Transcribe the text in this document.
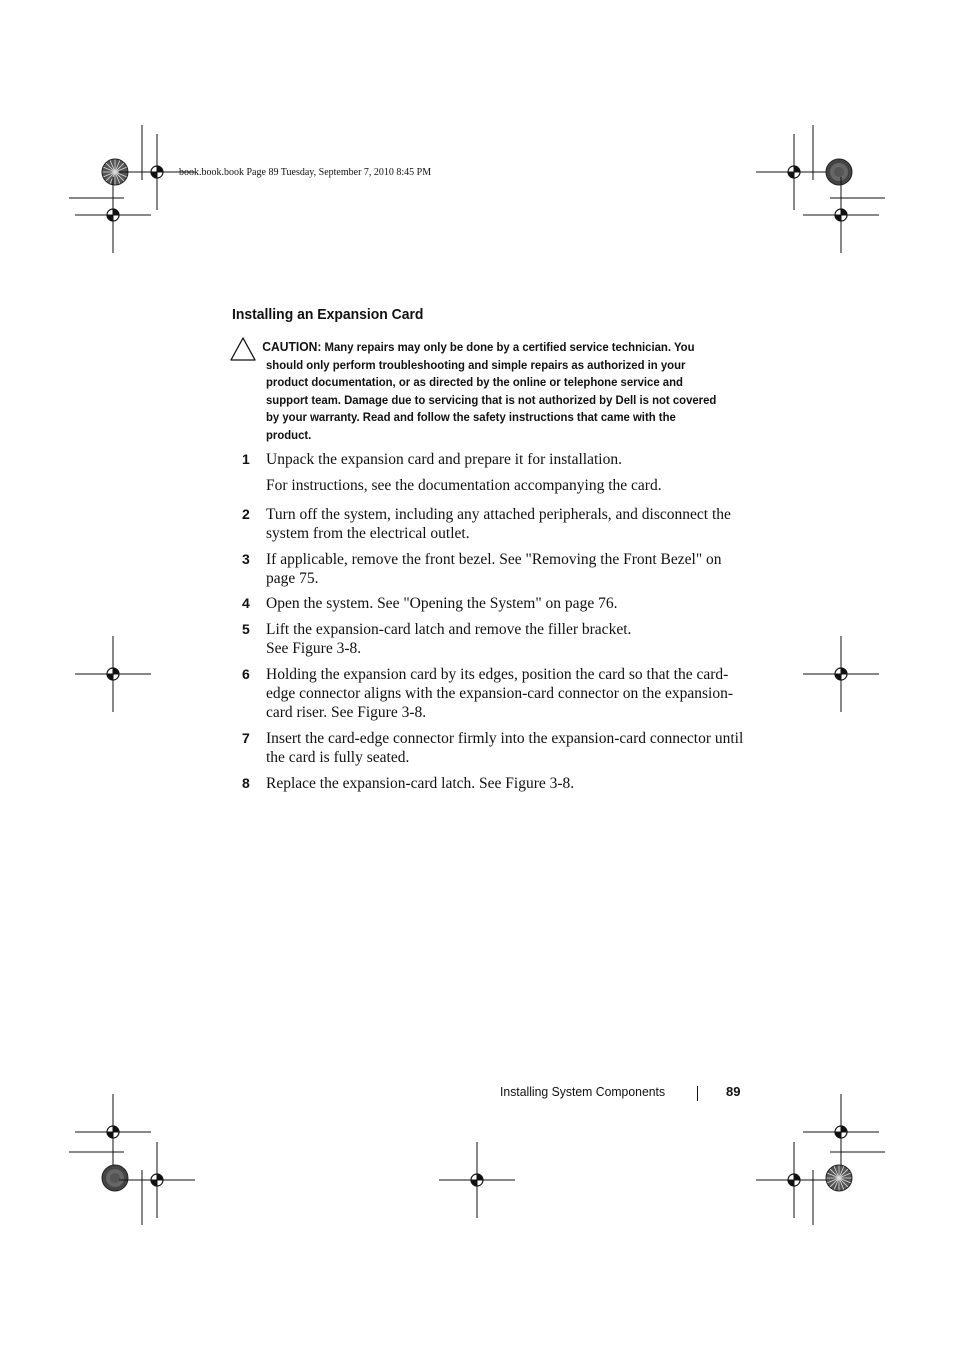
book.book.book Page 89 Tuesday, September 7, 2010 8:45 PM
Installing an Expansion Card
CAUTION: Many repairs may only be done by a certified service technician. You should only perform troubleshooting and simple repairs as authorized in your product documentation, or as directed by the online or telephone service and support team. Damage due to servicing that is not authorized by Dell is not covered by your warranty. Read and follow the safety instructions that came with the product.
1 Unpack the expansion card and prepare it for installation.
For instructions, see the documentation accompanying the card.
2 Turn off the system, including any attached peripherals, and disconnect the system from the electrical outlet.
3 If applicable, remove the front bezel. See "Removing the Front Bezel" on page 75.
4 Open the system. See "Opening the System" on page 76.
5 Lift the expansion-card latch and remove the filler bracket.
See Figure 3-8.
6 Holding the expansion card by its edges, position the card so that the card-edge connector aligns with the expansion-card connector on the expansion-card riser. See Figure 3-8.
7 Insert the card-edge connector firmly into the expansion-card connector until the card is fully seated.
8 Replace the expansion-card latch. See Figure 3-8.
Installing System Components	89
